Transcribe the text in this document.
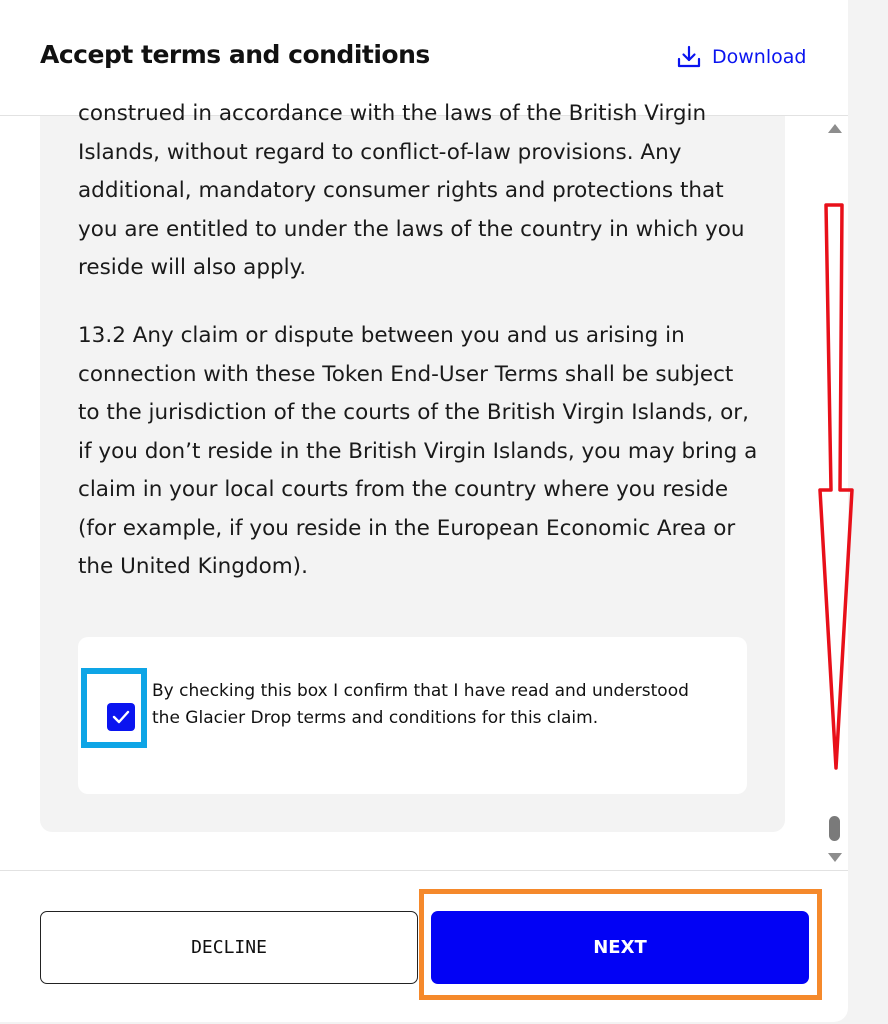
Accept terms and conditions	Download

construed in accordance with the laws of the British Virgin Islands, without regard to conflict-of-law provisions. Any additional, mandatory consumer rights and protections that you are entitled to under the laws of the country in which you reside will also apply.

13.2 Any claim or dispute between you and us arising in connection with these Token End-User Terms shall be subject to the jurisdiction of the courts of the British Virgin Islands, or, if you don’t reside in the British Virgin Islands, you may bring a claim in your local courts from the country where you reside (for example, if you reside in the European Economic Area or the United Kingdom).

By checking this box I confirm that I have read and understood the Glacier Drop terms and conditions for this claim.
DECLINE	NEXT
